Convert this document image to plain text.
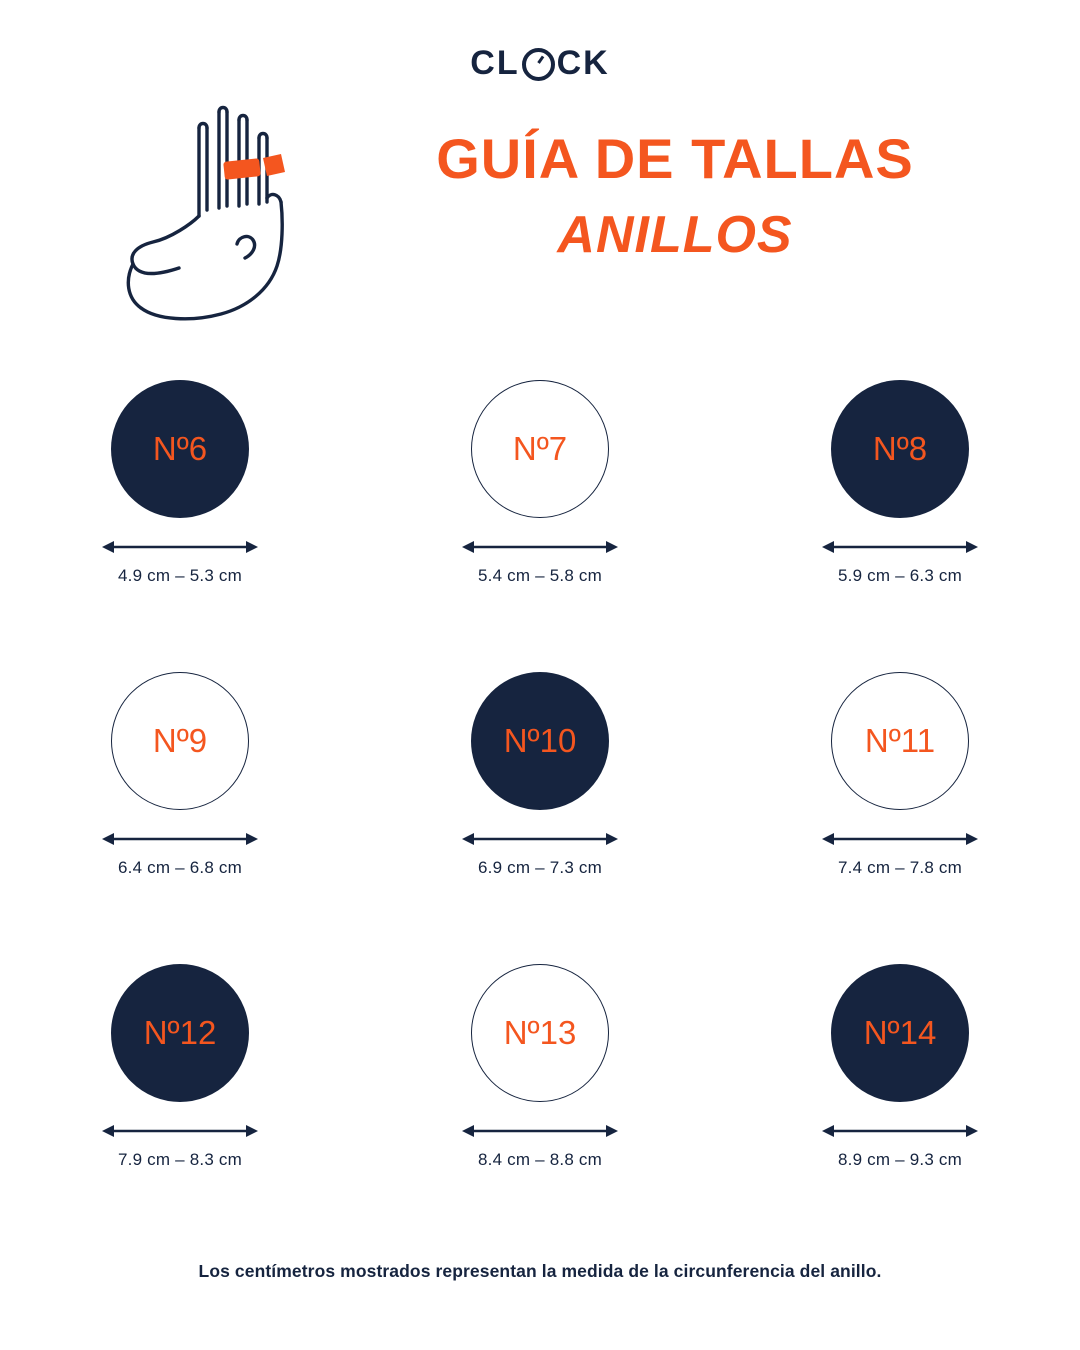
CL CK
GUÍA DE TALLAS
ANILLOS
Nº6
4.9 cm – 5.3 cm
Nº7
5.4 cm – 5.8 cm
Nº8
5.9 cm – 6.3 cm
Nº9
6.4 cm – 6.8 cm
Nº10
6.9 cm – 7.3 cm
Nº11
7.4 cm – 7.8 cm
Nº12
7.9 cm – 8.3 cm
Nº13
8.4 cm – 8.8 cm
Nº14
8.9 cm – 9.3 cm
Los centímetros mostrados representan la medida de la circunferencia del anillo.
